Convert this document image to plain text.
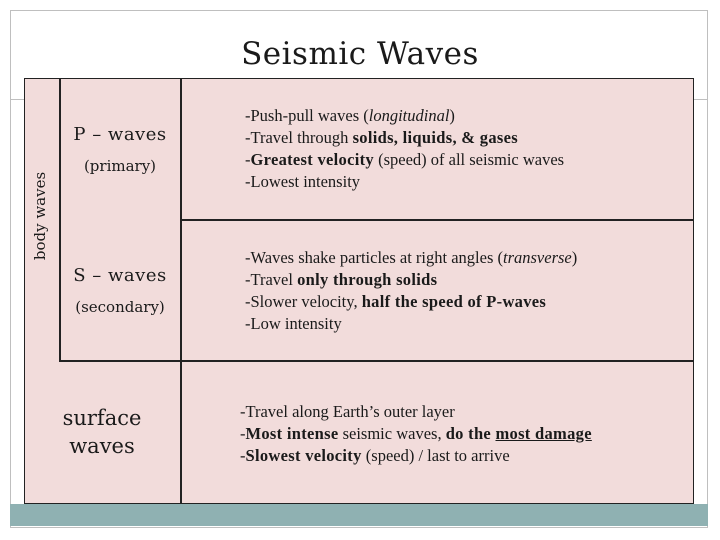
Seismic Waves
body waves
P – waves
(primary)
-Push-pull waves (longitudinal)
-Travel through solids, liquids, & gases
-Greatest velocity (speed) of all seismic waves
-Lowest intensity
S – waves
(secondary)
-Waves shake particles at right angles (transverse)
-Travel only through solids
-Slower velocity, half the speed of P-waves
-Low intensity
surface
waves
-Travel along Earth’s outer layer
-Most intense seismic waves, do the most damage
-Slowest velocity (speed) / last to arrive
